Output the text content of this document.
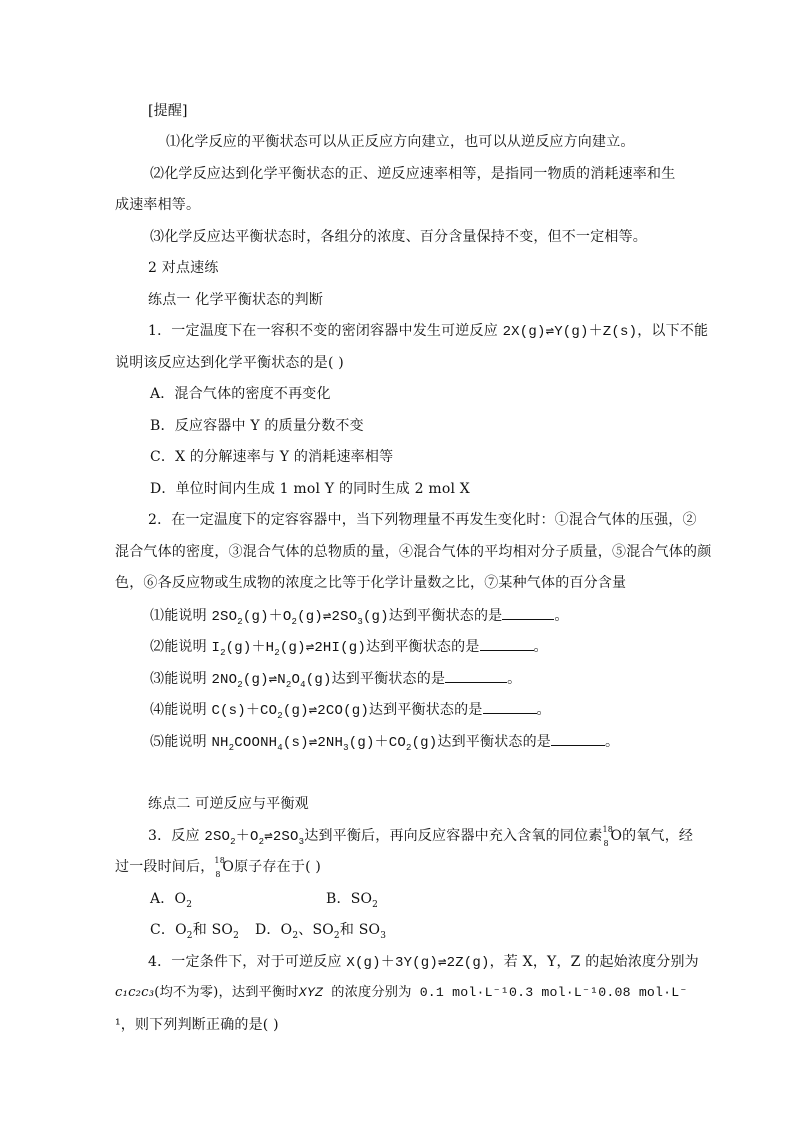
[提醒]
⑴化学反应的平衡状态可以从正反应方向建立，也可以从逆反应方向建立。
⑵化学反应达到化学平衡状态的正、逆反应速率相等，是指同一物质的消耗速率和生
成速率相等。
⑶化学反应达平衡状态时，各组分的浓度、百分含量保持不变，但不一定相等。
2 对点速练
练点一 化学平衡状态的判断
1．一定温度下在一容积不变的密闭容器中发生可逆反应 2X(g)⇌Y(g)＋Z(s)，以下不能
说明该反应达到化学平衡状态的是( )
A．混合气体的密度不再变化
B．反应容器中 Y 的质量分数不变
C．X 的分解速率与 Y 的消耗速率相等
D．单位时间内生成 1 mol Y 的同时生成 2 mol X
2．在一定温度下的定容容器中，当下列物理量不再发生变化时：①混合气体的压强，②
混合气体的密度，③混合气体的总物质的量，④混合气体的平均相对分子质量，⑤混合气体的颜
色，⑥各反应物或生成物的浓度之比等于化学计量数之比，⑦某种气体的百分含量
⑴能说明 $2SO_2(g)+O_2(g)\rightleftharpoons 2SO_3(g)$达到平衡状态的是	。
⑵能说明 $I_2(g)+H_2(g)\rightleftharpoons 2HI(g)$达到平衡状态的是	。
⑶能说明 $2NO_2(g)\rightleftharpoons N_2O_4(g)$达到平衡状态的是	。
⑷能说明 $C(s)+CO_2(g)\rightleftharpoons 2CO(g)$达到平衡状态的是	。
⑸能说明 $NH_2COONH_4(s)\rightleftharpoons 2NH_3(g)+CO_2(g)$达到平衡状态的是	。
练点二 可逆反应与平衡观
3．反应 $2SO_2+O_2\rightleftharpoons 2SO_3$达到平衡后，再向反应容器中充入含氧的同位素 18
8 O的氧气，经
过一段时间后， 18
8 O原子存在于( )
A．$O_2$	B．$SO_2$
C．$O_2$和 $SO_2$ D．$O_2$、$SO_2$和 $SO_3$
4．一定条件下，对于可逆反应 X(g)＋3Y(g)⇌2Z(g)，若 X，Y，Z 的起始浓度分别为
c₁c₂c₃(均不为零)，达到平衡时XYZ 的浓度分别为 0.1 mol·L⁻¹0.3 mol·L⁻¹0.08 mol·L⁻
¹，则下列判断正确的是( )
